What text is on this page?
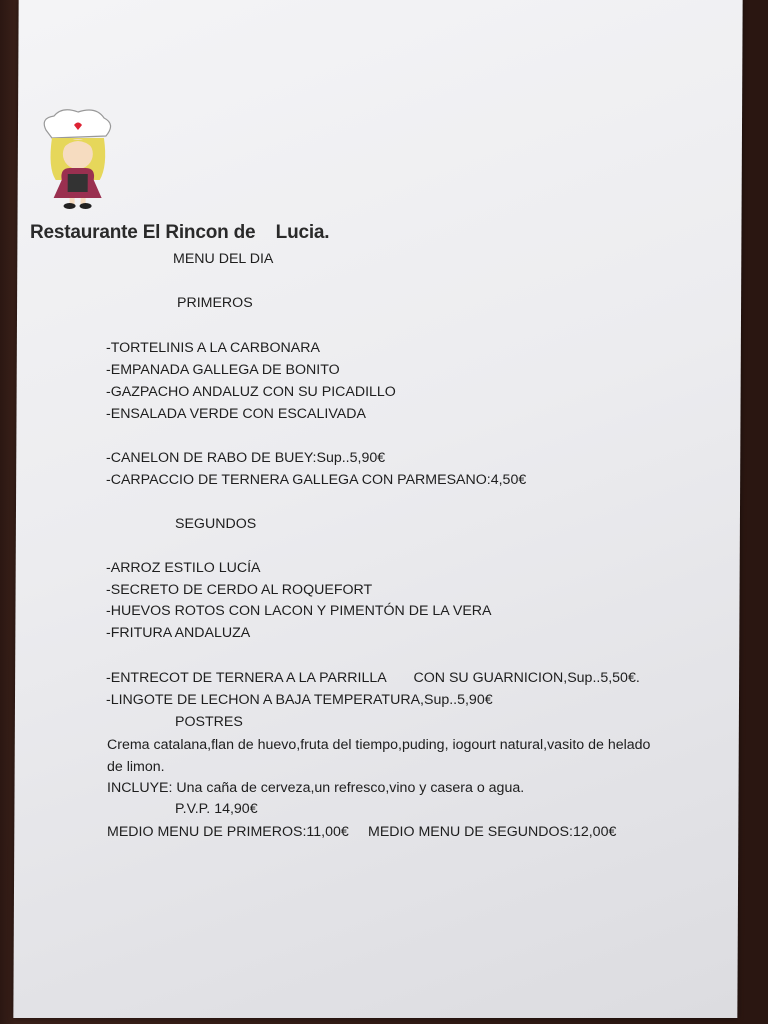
Restaurante El Rincon de    Lucia.
MENU DEL DIA
PRIMEROS
-TORTELINIS A LA CARBONARA
-EMPANADA GALLEGA DE BONITO
-GAZPACHO ANDALUZ CON SU PICADILLO
-ENSALADA VERDE CON ESCALIVADA
-CANELON DE RABO DE BUEY:Sup..5,90€
-CARPACCIO DE TERNERA GALLEGA CON PARMESANO:4,50€
SEGUNDOS
-ARROZ ESTILO LUCÍA
-SECRETO DE CERDO AL ROQUEFORT
-HUEVOS ROTOS CON LACON Y PIMENTÓN DE LA VERA
-FRITURA ANDALUZA
-ENTRECOT DE TERNERA A LA PARRILLA       CON SU GUARNICION,Sup..5,50€.
-LINGOTE DE LECHON A BAJA TEMPERATURA,Sup..5,90€
POSTRES
Crema catalana,flan de huevo,fruta del tiempo,puding, iogourt natural,vasito de helado
de limon.
INCLUYE: Una caña de cerveza,un refresco,vino y casera o agua.
P.V.P. 14,90€
MEDIO MENU DE PRIMEROS:11,00€ MEDIO MENU DE SEGUNDOS:12,00€
